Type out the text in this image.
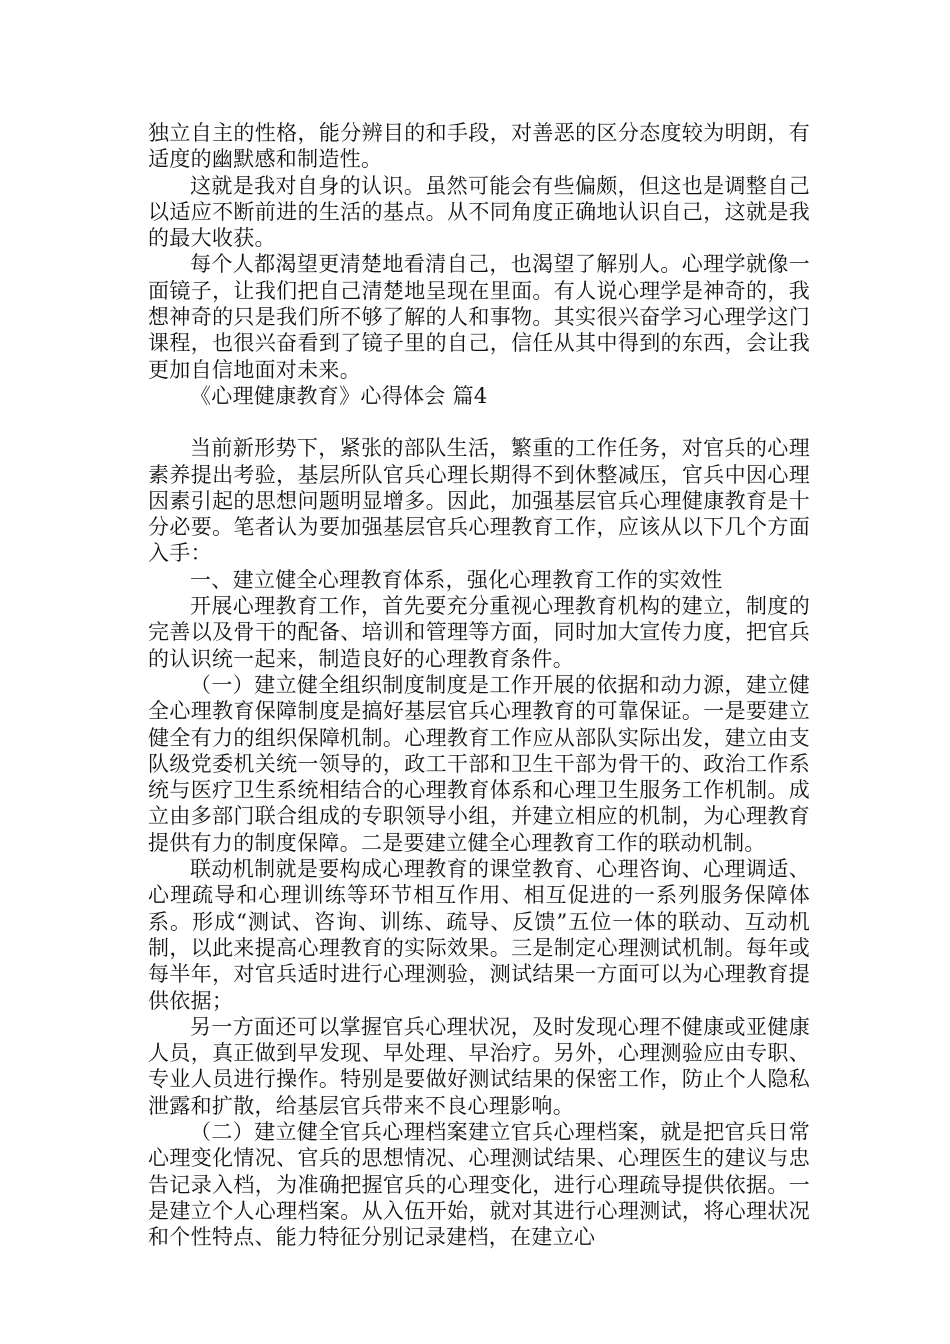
独立自主的性格，能分辨目的和手段，对善恶的区分态度较为明朗，有适度的幽默感和制造性。

这就是我对自身的认识。虽然可能会有些偏颇，但这也是调整自己以适应不断前进的生活的基点。从不同角度正确地认识自己，这就是我的最大收获。

每个人都渴望更清楚地看清自己，也渴望了解别人。心理学就像一面镜子，让我们把自己清楚地呈现在里面。有人说心理学是神奇的，我想神奇的只是我们所不够了解的人和事物。其实很兴奋学习心理学这门课程，也很兴奋看到了镜子里的自己，信任从其中得到的东西，会让我更加自信地面对未来。

《心理健康教育》心得体会 篇4

当前新形势下，紧张的部队生活，繁重的工作任务，对官兵的心理素养提出考验，基层所队官兵心理长期得不到休整减压，官兵中因心理因素引起的思想问题明显增多。因此，加强基层官兵心理健康教育是十分必要。笔者认为要加强基层官兵心理教育工作，应该从以下几个方面入手：

一、建立健全心理教育体系，强化心理教育工作的实效性

开展心理教育工作，首先要充分重视心理教育机构的建立，制度的完善以及骨干的配备、培训和管理等方面，同时加大宣传力度，把官兵的认识统一起来，制造良好的心理教育条件。

（一）建立健全组织制度制度是工作开展的依据和动力源，建立健全心理教育保障制度是搞好基层官兵心理教育的可靠保证。一是要建立健全有力的组织保障机制。心理教育工作应从部队实际出发，建立由支队级党委机关统一领导的，政工干部和卫生干部为骨干的、政治工作系统与医疗卫生系统相结合的心理教育体系和心理卫生服务工作机制。成立由多部门联合组成的专职领导小组，并建立相应的机制，为心理教育提供有力的制度保障。二是要建立健全心理教育工作的联动机制。

联动机制就是要构成心理教育的课堂教育、心理咨询、心理调适、心理疏导和心理训练等环节相互作用、相互促进的一系列服务保障体系。形成“测试、咨询、训练、疏导、反馈”五位一体的联动、互动机制，以此来提高心理教育的实际效果。三是制定心理测试机制。每年或每半年，对官兵适时进行心理测验，测试结果一方面可以为心理教育提供依据；

另一方面还可以掌握官兵心理状况，及时发现心理不健康或亚健康人员，真正做到早发现、早处理、早治疗。另外，心理测验应由专职、专业人员进行操作。特别是要做好测试结果的保密工作，防止个人隐私泄露和扩散，给基层官兵带来不良心理影响。

（二）建立健全官兵心理档案建立官兵心理档案，就是把官兵日常心理变化情况、官兵的思想情况、心理测试结果、心理医生的建议与忠告记录入档，为准确把握官兵的心理变化，进行心理疏导提供依据。一是建立个人心理档案。从入伍开始，就对其进行心理测试，将心理状况和个性特点、能力特征分别记录建档，在建立心
